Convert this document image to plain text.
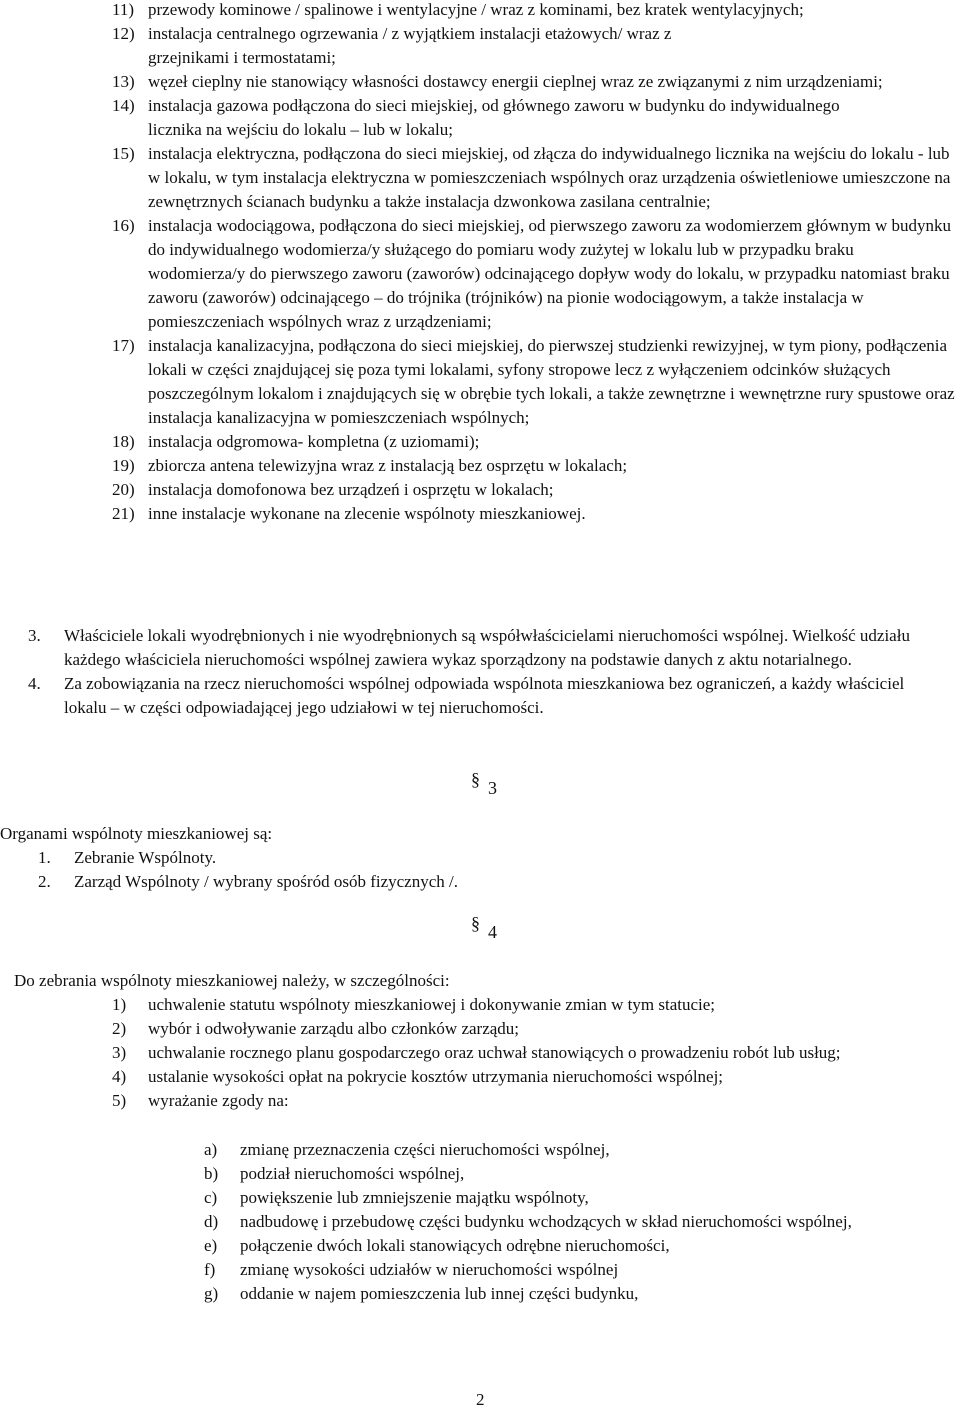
11) przewody kominowe / spalinowe i wentylacyjne / wraz z kominami, bez kratek wentylacyjnych;
12) instalacja centralnego ogrzewania / z wyjątkiem instalacji etażowych/ wraz z grzejnikami i termostatami;
13) węzeł cieplny nie stanowiący własności dostawcy energii cieplnej wraz ze związanymi z nim urządzeniami;
14) instalacja gazowa podłączona do sieci miejskiej, od głównego zaworu w budynku do indywidualnego licznika na wejściu do lokalu – lub w lokalu;
15) instalacja elektryczna, podłączona do sieci miejskiej, od złącza do indywidualnego licznika na wejściu do lokalu - lub w lokalu, w tym instalacja elektryczna w pomieszczeniach wspólnych oraz urządzenia oświetleniowe umieszczone na zewnętrznych ścianach budynku a także instalacja dzwonkowa zasilana centralnie;
16) instalacja wodociągowa, podłączona do sieci miejskiej, od pierwszego zaworu za wodomierzem głównym w budynku do indywidualnego wodomierza/y służącego do pomiaru wody zużytej w lokalu lub w przypadku braku wodomierza/y do pierwszego zaworu (zaworów) odcinającego dopływ wody do lokalu, w przypadku natomiast braku zaworu (zaworów) odcinającego – do trójnika (trójników) na pionie wodociągowym, a także instalacja w pomieszczeniach wspólnych wraz z urządzeniami;
17) instalacja kanalizacyjna, podłączona do sieci miejskiej, do pierwszej studzienki rewizyjnej, w tym piony, podłączenia lokali w części znajdującej się poza tymi lokalami, syfony stropowe lecz z wyłączeniem odcinków służących poszczególnym lokalom i znajdujących się w obrębie tych lokali, a także zewnętrzne i wewnętrzne rury spustowe oraz instalacja kanalizacyjna w pomieszczeniach wspólnych;
18) instalacja odgromowa- kompletna (z uziomami);
19) zbiorcza antena telewizyjna wraz z instalacją bez osprzętu w lokalach;
20) instalacja domofonowa bez urządzeń i osprzętu w lokalach;
21) inne instalacje wykonane na zlecenie wspólnoty mieszkaniowej.
3. Właściciele lokali wyodrębnionych i nie wyodrębnionych są współwłaścicielami nieruchomości wspólnej. Wielkość udziału każdego właściciela nieruchomości wspólnej zawiera wykaz sporządzony na podstawie danych z aktu notarialnego.
4. Za zobowiązania na rzecz nieruchomości wspólnej odpowiada wspólnota mieszkaniowa bez ograniczeń, a każdy właściciel lokalu – w części odpowiadającej jego udziałowi w tej nieruchomości.
§ 3
Organami wspólnoty mieszkaniowej są:
1. Zebranie Wspólnoty.
2. Zarząd Wspólnoty / wybrany spośród osób fizycznych /.
§ 4
Do zebrania wspólnoty mieszkaniowej należy, w szczególności:
1) uchwalenie statutu wspólnoty mieszkaniowej i dokonywanie zmian w tym statucie;
2) wybór i odwoływanie zarządu albo członków zarządu;
3) uchwalanie rocznego planu gospodarczego oraz uchwał stanowiących o prowadzeniu robót lub usług;
4) ustalanie wysokości opłat na pokrycie kosztów utrzymania nieruchomości wspólnej;
5) wyrażanie zgody na:
a) zmianę przeznaczenia części nieruchomości wspólnej,
b) podział nieruchomości wspólnej,
c) powiększenie lub zmniejszenie majątku wspólnoty,
d) nadbudowę i przebudowę części budynku wchodzących w skład nieruchomości wspólnej,
e) połączenie dwóch lokali stanowiących odrębne nieruchomości,
f) zmianę wysokości udziałów w nieruchomości wspólnej
g) oddanie w najem pomieszczenia lub innej części budynku,
2
